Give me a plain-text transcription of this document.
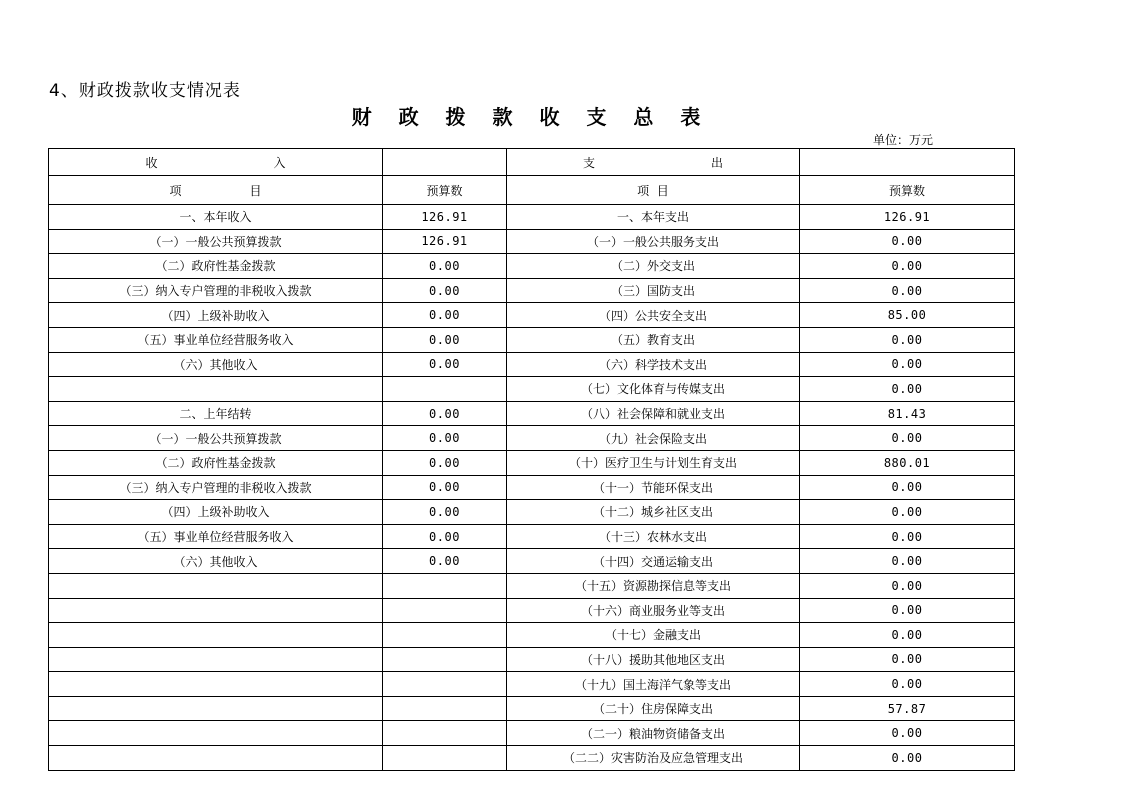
4、财政拨款收支情况表
财 政 拨 款 收 支 总 表
单位：万元
收 入		支 出	

项 目	预算数	项  目	预算数
一、本年收入	126.91	一、本年支出	126.91
（一）一般公共预算拨款	126.91	（一）一般公共服务支出	0.00
（二）政府性基金拨款	0.00	（二）外交支出	0.00
（三）纳入专户管理的非税收入拨款	0.00	（三）国防支出	0.00
（四）上级补助收入	0.00	（四）公共安全支出	85.00
（五）事业单位经营服务收入	0.00	（五）教育支出	0.00
（六）其他收入	0.00	（六）科学技术支出	0.00
		（七）文化体育与传媒支出	0.00
二、上年结转	0.00	（八）社会保障和就业支出	81.43
（一）一般公共预算拨款	0.00	（九）社会保险支出	0.00
（二）政府性基金拨款	0.00	（十）医疗卫生与计划生育支出	880.01
（三）纳入专户管理的非税收入拨款	0.00	（十一）节能环保支出	0.00
（四）上级补助收入	0.00	（十二）城乡社区支出	0.00
（五）事业单位经营服务收入	0.00	（十三）农林水支出	0.00
（六）其他收入	0.00	（十四）交通运输支出	0.00
		（十五）资源勘探信息等支出	0.00
		（十六）商业服务业等支出	0.00
		（十七）金融支出	0.00
		（十八）援助其他地区支出	0.00
		（十九）国土海洋气象等支出	0.00
		（二十）住房保障支出	57.87
		（二一）粮油物资储备支出	0.00
		（二二）灾害防治及应急管理支出	0.00
